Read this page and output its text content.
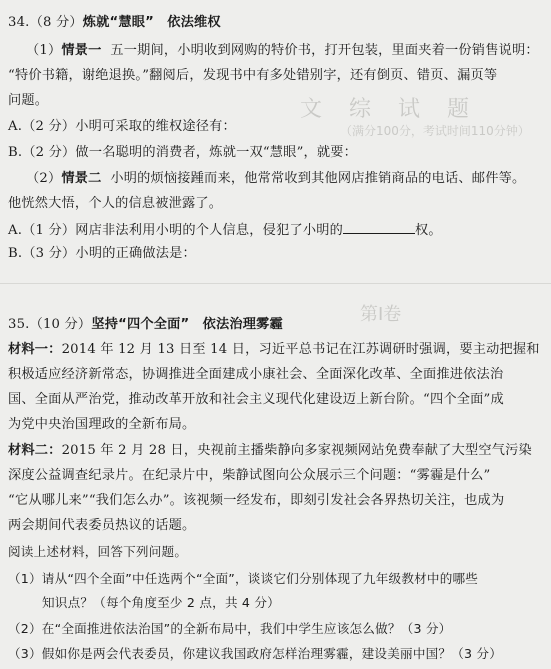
文 综 试 题
（满分100分，考试时间110分钟）
第Ⅰ卷
34.（8 分）炼就“慧眼” 依法维权
（1）情景一 五一期间，小明收到网购的特价书，打开包装，里面夹着一份销售说明：
“特价书籍，谢绝退换。”翻阅后，发现书中有多处错别字，还有倒页、错页、漏页等
问题。
A.（2 分）小明可采取的维权途径有：
B.（2 分）做一名聪明的消费者，炼就一双“慧眼”，就要：
（2）情景二 小明的烦恼接踵而来，他常常收到其他网店推销商品的电话、邮件等。
他恍然大悟，个人的信息被泄露了。
A.（1 分）网店非法利用小明的个人信息，侵犯了小明的	权。
B.（3 分）小明的正确做法是：
35.（10 分）坚持“四个全面” 依法治理雾霾
材料一：2014 年 12 月 13 日至 14 日，习近平总书记在江苏调研时强调，要主动把握和
积极适应经济新常态，协调推进全面建成小康社会、全面深化改革、全面推进依法治
国、全面从严治党，推动改革开放和社会主义现代化建设迈上新台阶。“四个全面”成
为党中央治国理政的全新布局。
材料二：2015 年 2 月 28 日，央视前主播柴静向多家视频网站免费奉献了大型空气污染
深度公益调查纪录片。在纪录片中，柴静试图向公众展示三个问题：“雾霾是什么”
“它从哪儿来”“我们怎么办”。该视频一经发布，即刻引发社会各界热切关注，也成为
两会期间代表委员热议的话题。
阅读上述材料，回答下列问题。
（1）请从“四个全面”中任选两个“全面”，谈谈它们分别体现了九年级教材中的哪些
知识点？（每个角度至少 2 点，共 4 分）
（2）在“全面推进依法治国”的全新布局中，我们中学生应该怎么做？（3 分）
（3）假如你是两会代表委员，你建议我国政府怎样治理雾霾，建设美丽中国？（3 分）
